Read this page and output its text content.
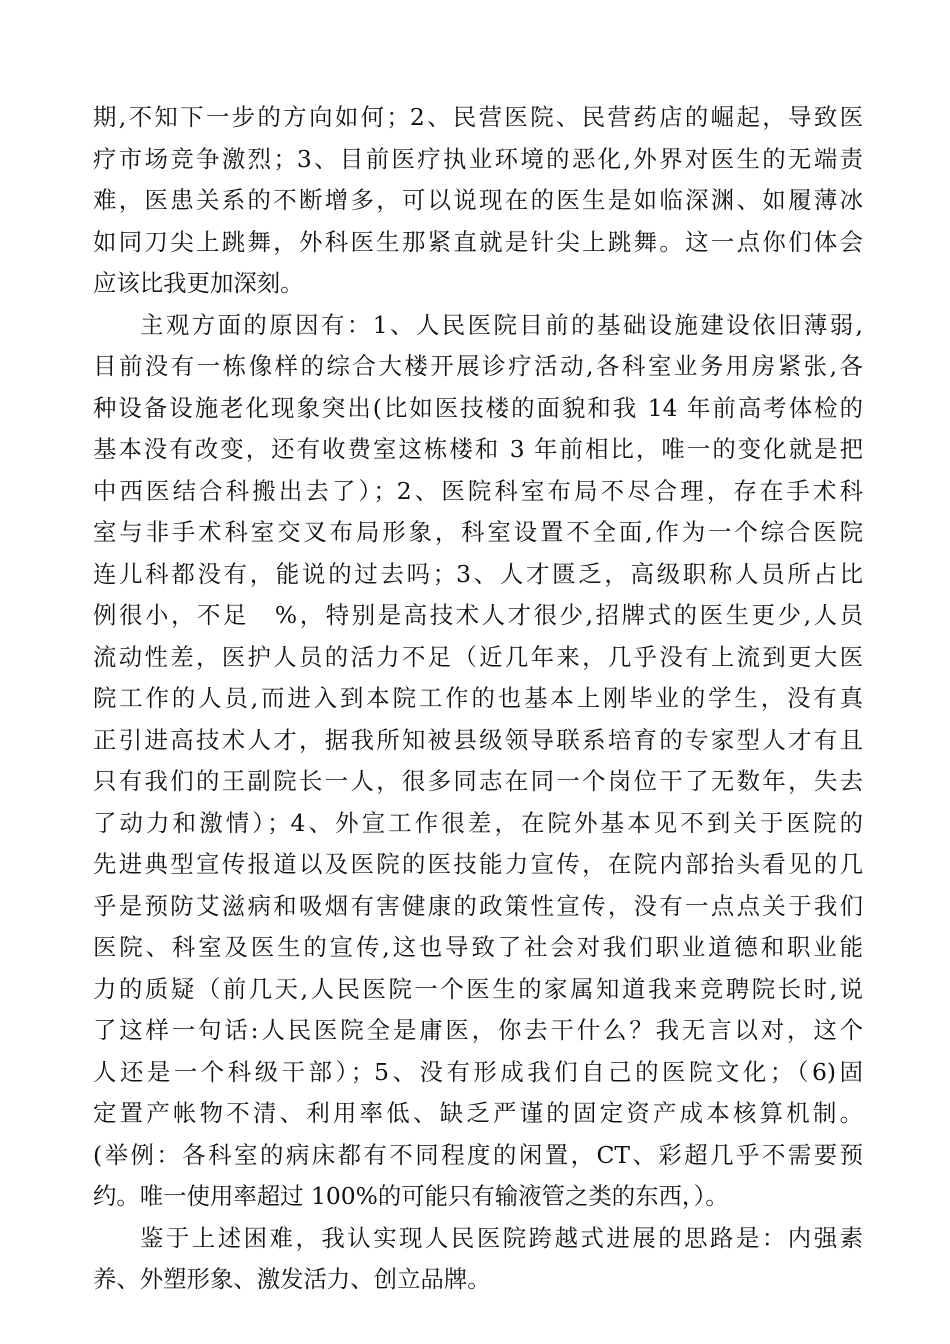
期,不知下一步的方向如何；2、民营医院、民营药店的崛起，导致医
疗市场竞争激烈；3、目前医疗执业环境的恶化,外界对医生的无端责
难，医患关系的不断增多，可以说现在的医生是如临深渊、如履薄冰
如同刀尖上跳舞，外科医生那紧直就是针尖上跳舞。这一点你们体会
应该比我更加深刻。
主观方面的原因有：1、人民医院目前的基础设施建设依旧薄弱,
目前没有一栋像样的综合大楼开展诊疗活动,各科室业务用房紧张,各
种设备设施老化现象突出(比如医技楼的面貌和我 14 年前高考体检的
基本没有改变，还有收费室这栋楼和 3 年前相比，唯一的变化就是把
中西医结合科搬出去了）；2、医院科室布局不尽合理，存在手术科
室与非手术科室交叉布局形象，科室设置不全面,作为一个综合医院
连儿科都没有，能说的过去吗；3、人才匮乏，高级职称人员所占比
例很小，不足　%，特别是高技术人才很少,招牌式的医生更少,人员
流动性差，医护人员的活力不足（近几年来，几乎没有上流到更大医
院工作的人员,而进入到本院工作的也基本上刚毕业的学生，没有真
正引进高技术人才，据我所知被县级领导联系培育的专家型人才有且
只有我们的王副院长一人，很多同志在同一个岗位干了无数年，失去
了动力和激情）；4、外宣工作很差，在院外基本见不到关于医院的
先进典型宣传报道以及医院的医技能力宣传，在院内部抬头看见的几
乎是预防艾滋病和吸烟有害健康的政策性宣传，没有一点点关于我们
医院、科室及医生的宣传,这也导致了社会对我们职业道德和职业能
力的质疑（前几天,人民医院一个医生的家属知道我来竞聘院长时,说
了这样一句话:人民医院全是庸医，你去干什么？我无言以对，这个
人还是一个科级干部）；5、没有形成我们自己的医院文化；（6)固
定置产帐物不清、利用率低、缺乏严谨的固定资产成本核算机制。
(举例：各科室的病床都有不同程度的闲置，CT、彩超几乎不需要预
约。唯一使用率超过 100%的可能只有输液管之类的东西，）。
鉴于上述困难，我认实现人民医院跨越式进展的思路是：内强素
养、外塑形象、激发活力、创立品牌。
